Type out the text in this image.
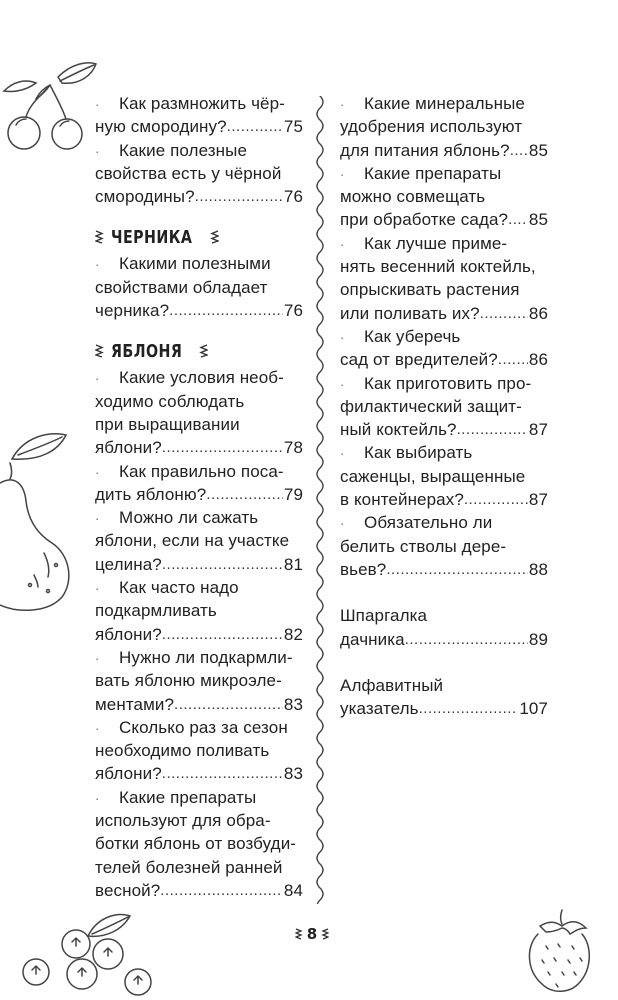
· Как размножить чёр-
ную смородину? .....	75
· Какие полезные
свойства есть у чёрной
смородины? .....	76
ЧЕРНИКА
· Какими полезными
свойствами обладает
черника? .....	76
ЯБЛОНЯ
· Какие условия необ-
ходимо соблюдать
при выращивании
яблони? .....	78
· Как правильно поса-
дить яблоню? .....	79
· Можно ли сажать
яблони, если на участке
целина? .....	81
· Как часто надо
подкармливать
яблони? .....	82
· Нужно ли подкармли-
вать яблоню микроэле-
ментами? .....	83
· Сколько раз за сезон
необходимо поливать
яблони? .....	83
· Какие препараты
используют для обра-
ботки яблонь от возбуди-
телей болезней ранней
весной? .....	84
· Какие минеральные
удобрения используют
для питания яблонь? ..... 85
· Какие препараты
можно совмещать
при обработке сада? ..... 85
· Как лучше приме-
нять весенний коктейль,
опрыскивать растения
или поливать их? .....	86
· Как уберечь
сад от вредителей? ..... 86
· Как приготовить про-
филактический защит-
ный коктейль? .....	87
· Как выбирать
саженцы, выращенные
в контейнерах? .....	87
· Обязательно ли
белить стволы дере-
вьев? .....	88
Шпаргалка
дачника .....	89
Алфавитный
указатель .....	107
8
